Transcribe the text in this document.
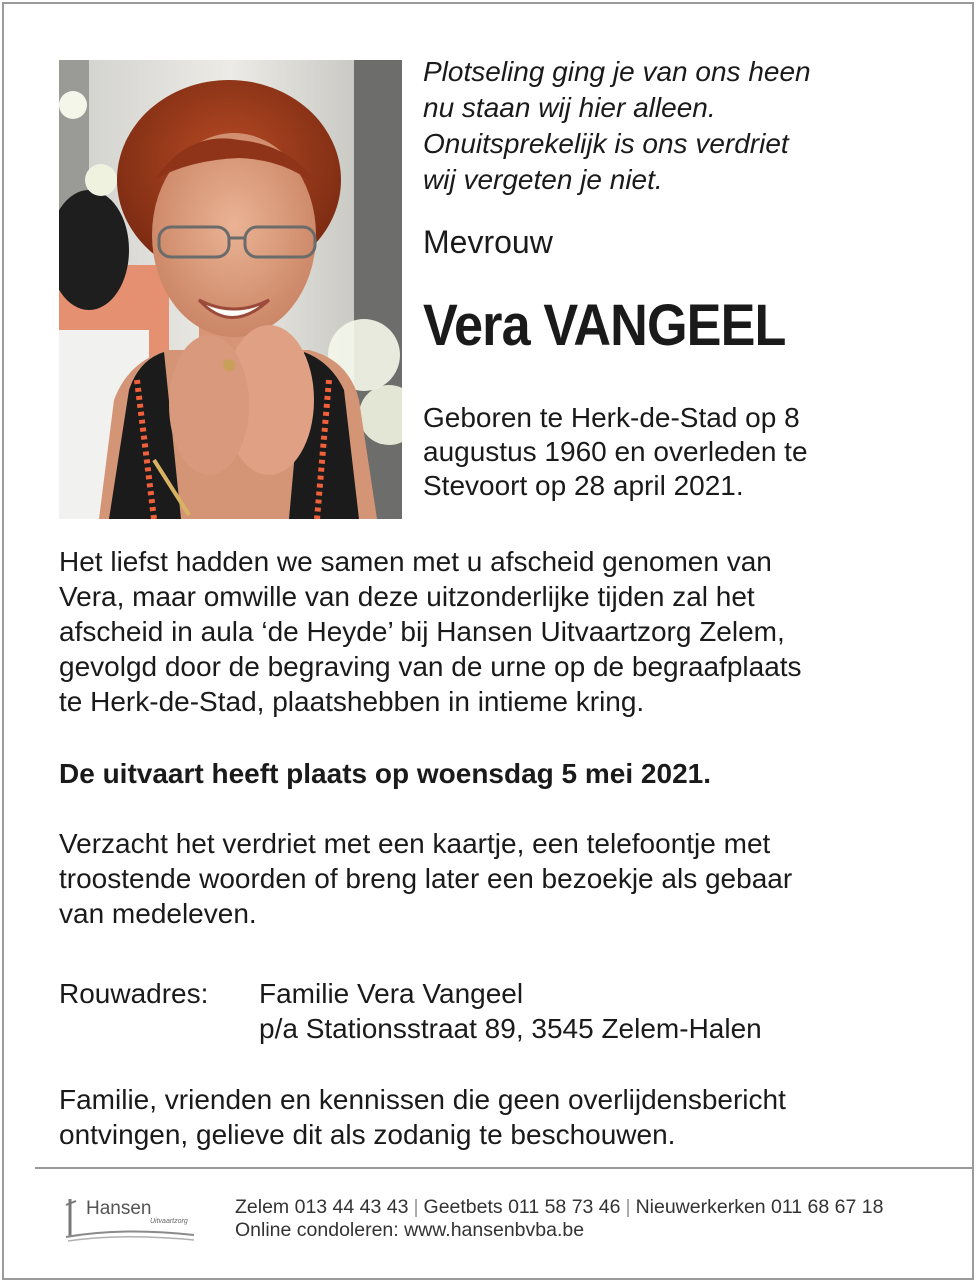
Plotseling ging je van ons heen
nu staan wij hier alleen.
Onuitsprekelijk is ons verdriet
wij vergeten je niet.
Mevrouw
Vera VANGEEL
Geboren te Herk-de-Stad op 8
augustus 1960 en overleden te
Stevoort op 28 april 2021.
Het liefst hadden we samen met u afscheid genomen van
Vera, maar omwille van deze uitzonderlijke tijden zal het
afscheid in aula ‘de Heyde’ bij Hansen Uitvaartzorg Zelem,
gevolgd door de begraving van de urne op de begraafplaats
te Herk-de-Stad, plaatshebben in intieme kring.
De uitvaart heeft plaats op woensdag 5 mei 2021.
Verzacht het verdriet met een kaartje, een telefoontje met
troostende woorden of breng later een bezoekje als gebaar
van medeleven.
Rouwadres: Familie Vera Vangeel
p/a Stationsstraat 89, 3545 Zelem-Halen
Familie, vrienden en kennissen die geen overlijdensbericht
ontvingen, gelieve dit als zodanig te beschouwen.
Hansen
Uitvaartzorg
Zelem 013 44 43 43 | Geetbets 011 58 73 46 | Nieuwerkerken 011 68 67 18
Online condoleren: www.hansenbvba.be
